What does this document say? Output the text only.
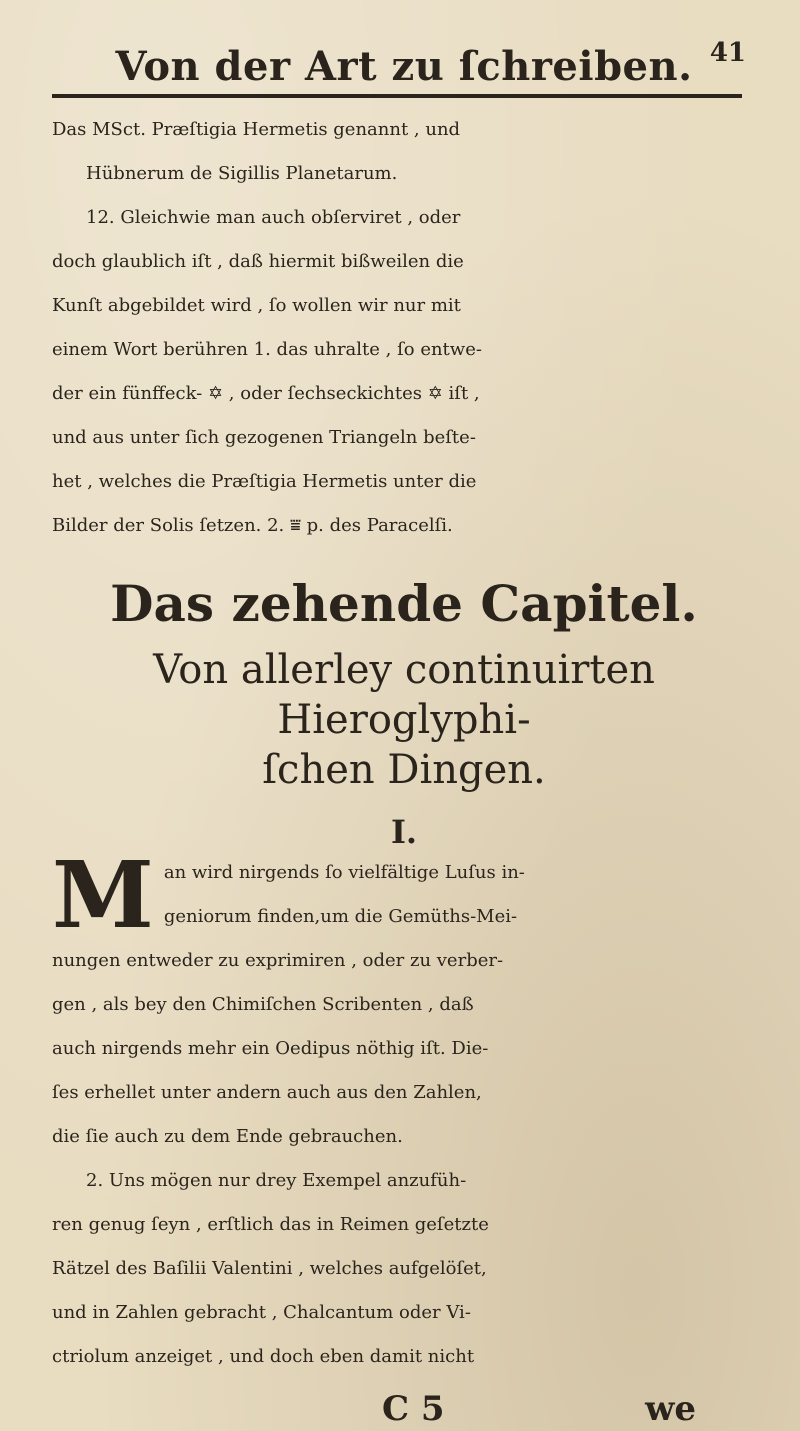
Von der Art zu ſchreiben. 41
Das MSct. Præſtigia Hermetis genannt , und
Hübnerum de Sigillis Planetarum.
12. Gleichwie man auch obſerviret , oder
doch glaublich iſt , daß hiermit bißweilen die
Kunſt abgebildet wird , ſo wollen wir nur mit
einem Wort berühren 1. das uhralte , ſo entwe-
der ein fünffeck- ✡ , oder ſechseckichtes ✡ iſt ,
und aus unter ſich gezogenen Triangeln beſte-
het , welches die Præſtigia Hermetis unter die
Bilder der Solis ſetzen. 2. ⩸ p. des Paracelſi.
Das zehende Capitel.
Von allerley continuirten Hieroglyphi-
ſchen Dingen.
I.
M an wird nirgends ſo vielfältige Luſus in-
geniorum finden,um die Gemüths-Mei-
nungen entweder zu exprimiren , oder zu verber-
gen , als bey den Chimiſchen Scribenten , daß
auch nirgends mehr ein Oedipus nöthig iſt. Die-
ſes erhellet unter andern auch aus den Zahlen,
die ſie auch zu dem Ende gebrauchen.
2. Uns mögen nur drey Exempel anzufüh-
ren genug ſeyn , erſtlich das in Reimen geſetzte
Rätzel des Baſilii Valentini , welches aufgelöſet,
und in Zahlen gebracht , Chalcantum oder Vi-
ctriolum anzeiget , und doch eben damit nicht
C 5	we
